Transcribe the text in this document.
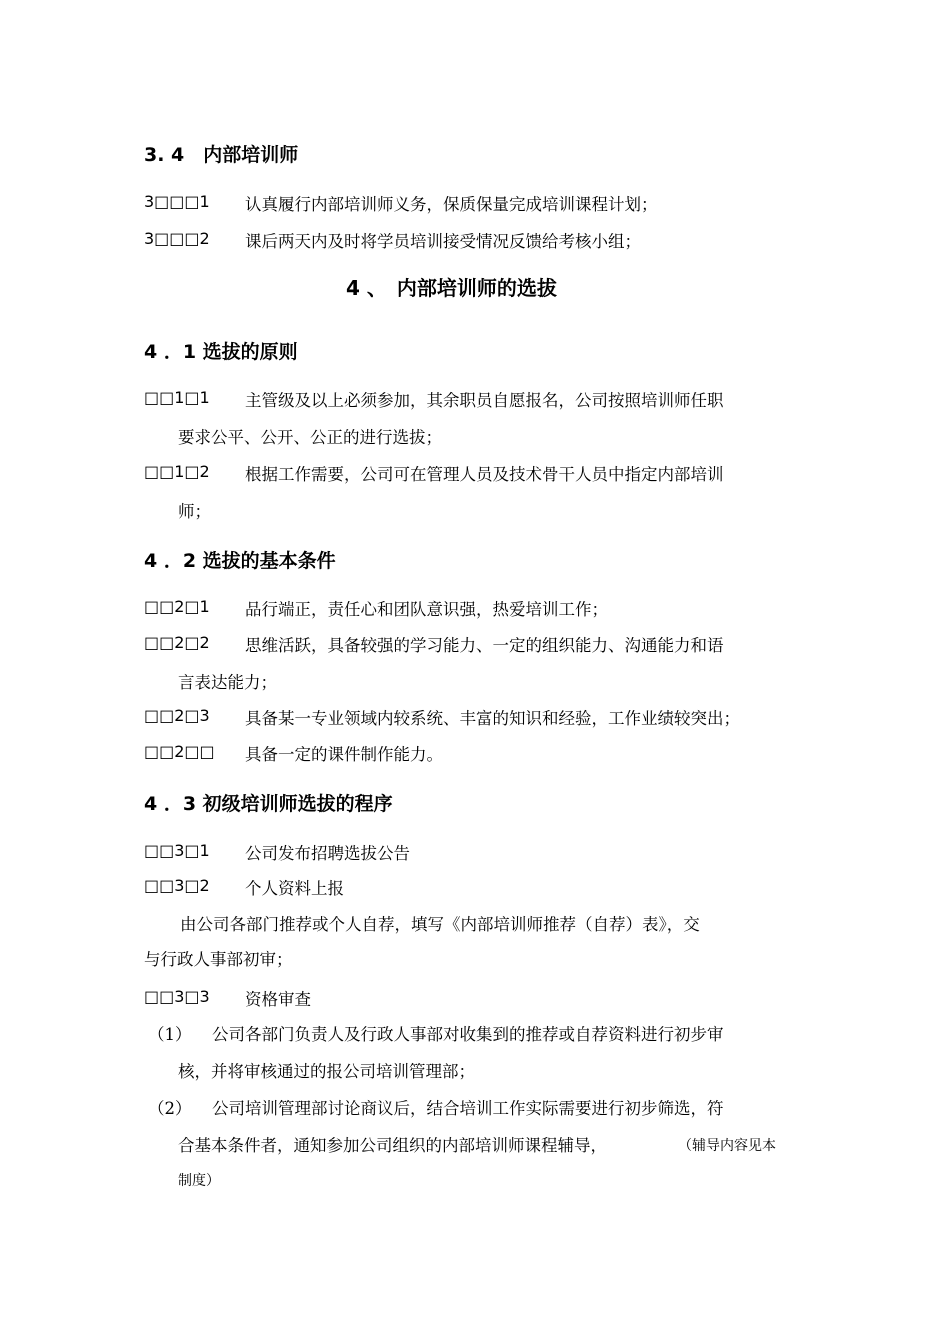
3. 4　内部培训师
3□□□1 认真履行内部培训师义务，保质保量完成培训课程计划；
3□□□2 课后两天内及时将学员培训接受情况反馈给考核小组；
4 、　内部培训师的选拔
4 ．1 选拔的原则
□□1□1 主管级及以上必须参加，其余职员自愿报名，公司按照培训师任职
要求公平、公开、公正的进行选拔；
□□1□2 根据工作需要，公司可在管理人员及技术骨干人员中指定内部培训
师；
4 ．2 选拔的基本条件
□□2□1 品行端正，责任心和团队意识强，热爱培训工作；
□□2□2 思维活跃，具备较强的学习能力、一定的组织能力、沟通能力和语
言表达能力；
□□2□3 具备某一专业领域内较系统、丰富的知识和经验，工作业绩较突出；
□□2□□ 具备一定的课件制作能力。
4 ．3 初级培训师选拔的程序
□□3□1 公司发布招聘选拔公告
□□3□2 个人资料上报
由公司各部门推荐或个人自荐，填写《内部培训师推荐（自荐）表》，交
与行政人事部初审；
□□3□3 资格审查
（1） 公司各部门负责人及行政人事部对收集到的推荐或自荐资料进行初步审
核，并将审核通过的报公司培训管理部；
（2） 公司培训管理部讨论商议后，结合培训工作实际需要进行初步筛选，符
合基本条件者，通知参加公司组织的内部培训师课程辅导，	（辅导内容见本
制度）
